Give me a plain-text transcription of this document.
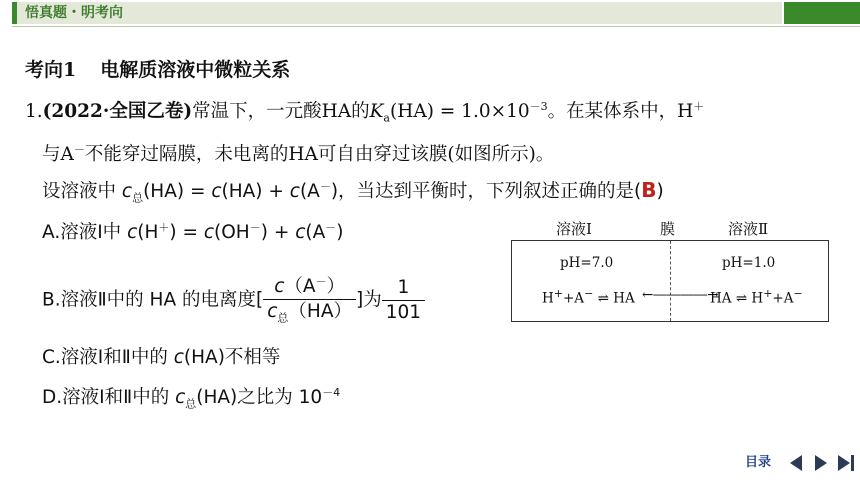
悟真题・明考向
考向1 电解质溶液中微粒关系
1.(2022·全国乙卷)常温下，一元酸HA的$K_a(HA) = 1.0\times 10^{-3}$。在某体系中，H＋
与A－不能穿过隔膜，未电离的HA可自由穿过该膜(如图所示)。
设溶液中 $c_总(HA) = c(HA) + c(A^-)$，当达到平衡时，下列叙述正确的是(B)
A.溶液Ⅰ中 c(H＋) = c(OH－) + c(A－)
B.溶液Ⅱ中的 HA 的电离度[ $\frac{c(A^-)}{c_总(HA)}$ ]为 $\frac{1}{101}$
C.溶液Ⅰ和Ⅱ中的 c(HA)不相等
D.溶液Ⅰ和Ⅱ中的 $c_总(HA)$之比为 $10^{-4}$
溶液Ⅰ	膜	溶液Ⅱ
pH=7.0	pH=1.0
H++A− ⇌ HA ←――――→
HA ⇌ H++A−
目录
